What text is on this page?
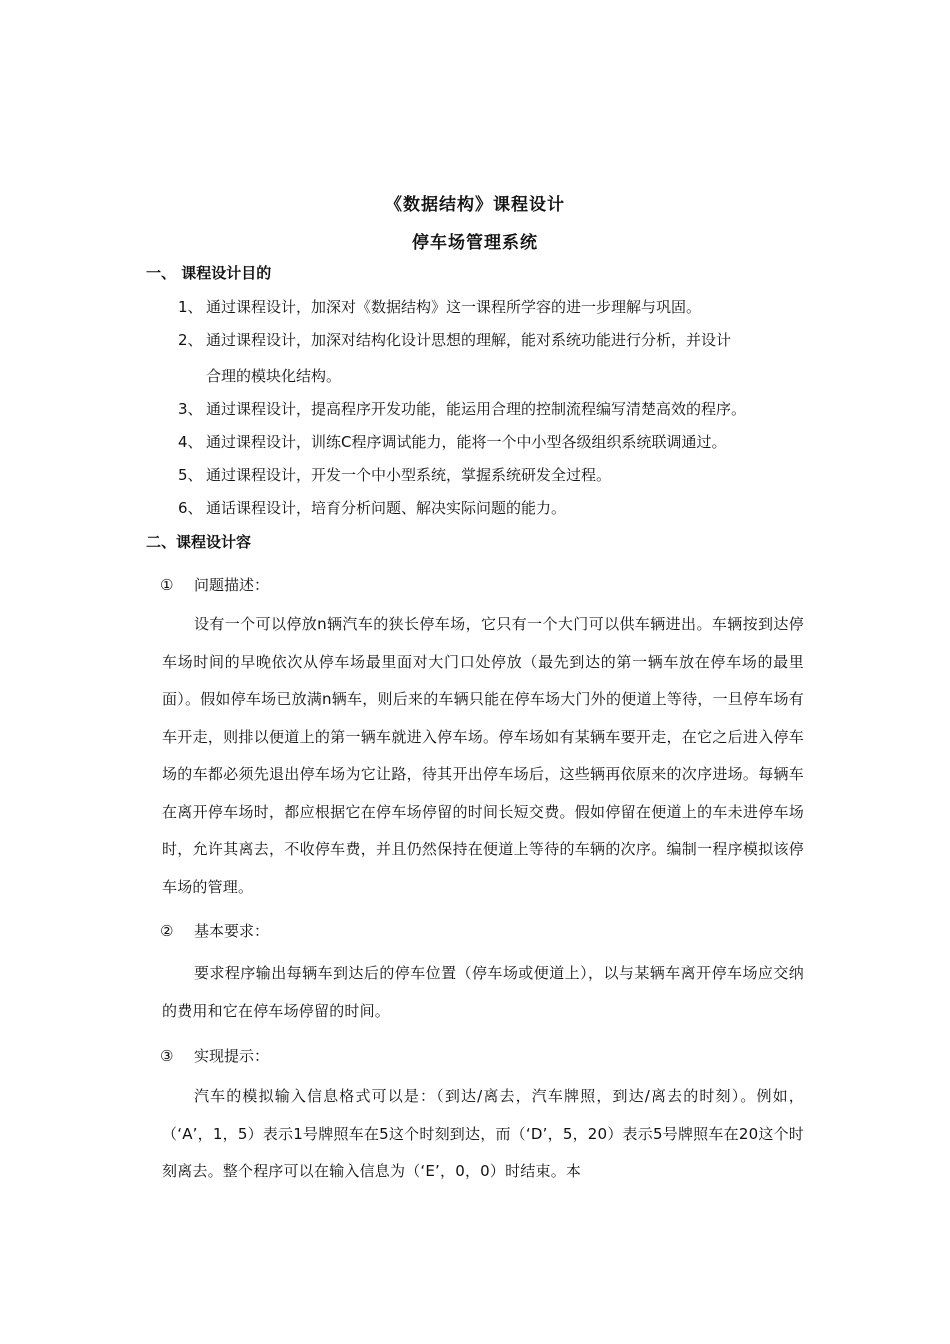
《数据结构》课程设计
停车场管理系统
一、 课程设计目的
1、 通过课程设计，加深对《数据结构》这一课程所学容的进一步理解与巩固。
2、 通过课程设计，加深对结构化设计思想的理解，能对系统功能进行分析，并设计
合理的模块化结构。
3、 通过课程设计，提高程序开发功能，能运用合理的控制流程编写清楚高效的程序。
4、 通过课程设计，训练C程序调试能力，能将一个中小型各级组织系统联调通过。
5、 通过课程设计，开发一个中小型系统，掌握系统研发全过程。
6、 通话课程设计，培育分析问题、解决实际问题的能力。
二、课程设计容
① 问题描述：
设有一个可以停放n辆汽车的狭长停车场，它只有一个大门可以供车辆进出。车辆按到达停车场时间的早晚依次从停车场最里面对大门口处停放（最先到达的第一辆车放在停车场的最里面）。假如停车场已放满n辆车，则后来的车辆只能在停车场大门外的便道上等待，一旦停车场有车开走，则排以便道上的第一辆车就进入停车场。停车场如有某辆车要开走，在它之后进入停车场的车都必须先退出停车场为它让路，待其开出停车场后，这些辆再依原来的次序进场。每辆车在离开停车场时，都应根据它在停车场停留的时间长短交费。假如停留在便道上的车未进停车场时，允许其离去，不收停车费，并且仍然保持在便道上等待的车辆的次序。编制一程序模拟该停车场的管理。
② 基本要求：
要求程序输出每辆车到达后的停车位置（停车场或便道上），以与某辆车离开停车场应交纳的费用和它在停车场停留的时间。
③ 实现提示：
汽车的模拟输入信息格式可以是：（到达/离去，汽车牌照，到达/离去的时刻）。例如，（‘A’，1，5）表示1号牌照车在5这个时刻到达，而（‘D’，5，20）表示5号牌照车在20这个时刻离去。整个程序可以在输入信息为（‘E’，0，0）时结束。本
